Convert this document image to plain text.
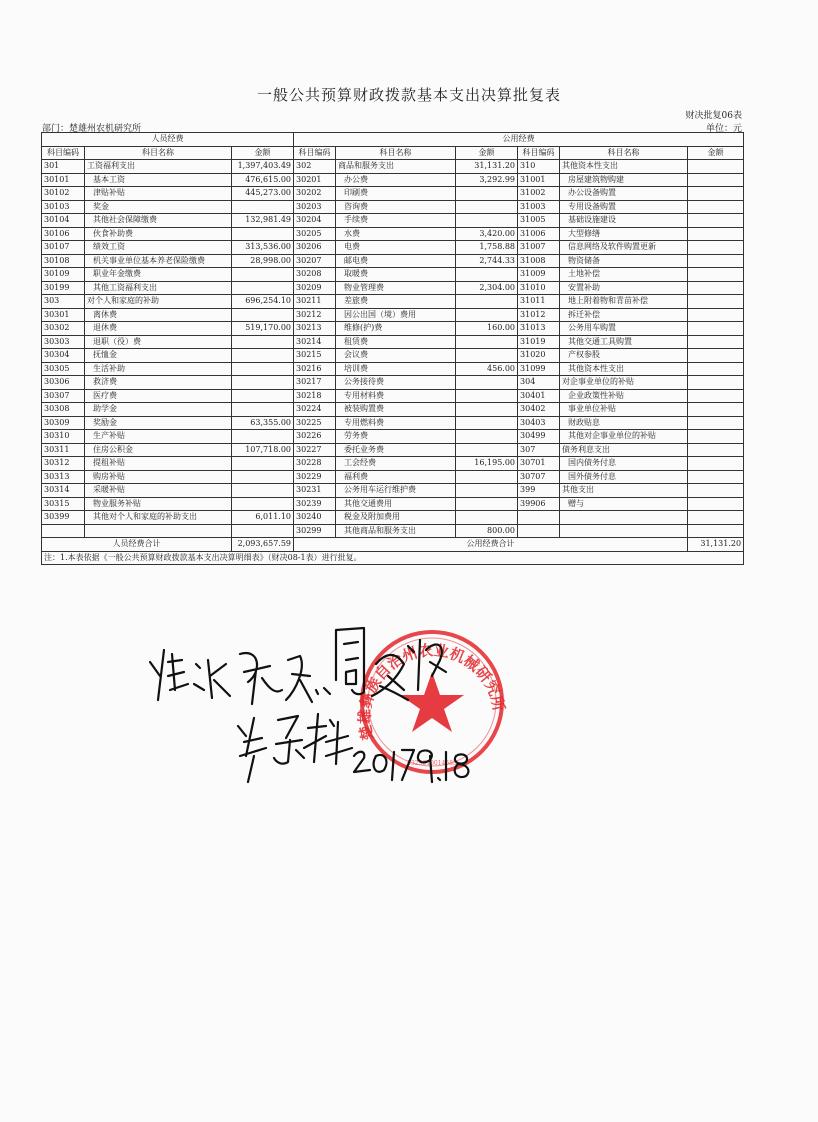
一般公共预算财政拨款基本支出决算批复表
财决批复06表
部门：楚雄州农机研究所	单位：元
人员经费			公用经费					
科目编码	科目名称	金额	科目编码	科目名称	金额	科目编码	科目名称	金额
301	工资福利支出	1,397,403.49	302	商品和服务支出	31,131.20	310	其他资本性支出	
30101	基本工资	476,615.00	30201	办公费	3,292.99	31001	房屋建筑物购建	
30102	津贴补贴	445,273.00	30202	印刷费		31002	办公设备购置	
30103	奖金		30203	咨询费		31003	专用设备购置	
30104	其他社会保障缴费	132,981.49	30204	手续费		31005	基础设施建设	
30106	伙食补助费		30205	水费	3,420.00	31006	大型修缮	
30107	绩效工资	313,536.00	30206	电费	1,758.88	31007	信息网络及软件购置更新	
30108	机关事业单位基本养老保险缴费	28,998.00	30207	邮电费	2,744.33	31008	物资储备	
30109	职业年金缴费		30208	取暖费		31009	土地补偿	
30199	其他工资福利支出		30209	物业管理费	2,304.00	31010	安置补助	
303	对个人和家庭的补助	696,254.10	30211	差旅费		31011	地上附着物和青苗补偿	
30301	离休费		30212	因公出国（境）费用		31012	拆迁补偿	
30302	退休费	519,170.00	30213	维修(护)费	160.00	31013	公务用车购置	
30303	退职（役）费		30214	租赁费		31019	其他交通工具购置	
30304	抚恤金		30215	会议费		31020	产权参股	
30305	生活补助		30216	培训费	456.00	31099	其他资本性支出	
30306	救济费		30217	公务接待费		304	对企事业单位的补贴	
30307	医疗费		30218	专用材料费		30401	企业政策性补贴	
30308	助学金		30224	被装购置费		30402	事业单位补贴	
30309	奖励金	63,355.00	30225	专用燃料费		30403	财政贴息	
30310	生产补贴		30226	劳务费		30499	其他对企事业单位的补贴	
30311	住房公积金	107,718.00	30227	委托业务费		307	债务利息支出	
30312	提租补贴		30228	工会经费	16,195.00	30701	国内债务付息	
30313	购房补贴		30229	福利费		30707	国外债务付息	
30314	采暖补贴		30231	公务用车运行维护费		399	其他支出	
30315	物业服务补贴		30239	其他交通费用		39906	赠与	
30399	其他对个人和家庭的补助支出	6,011.10	30240	税金及附加费用				
			30299	其他商品和服务支出	800.00			
人员经费合计		2,093,657.59	公用经费合计					31,131.20
注：1.本表依据《一般公共预算财政拨款基本支出决算明细表》（财决08-1表）进行批复。								
楚雄彝族自治州农业机械研究所
5323010014585
